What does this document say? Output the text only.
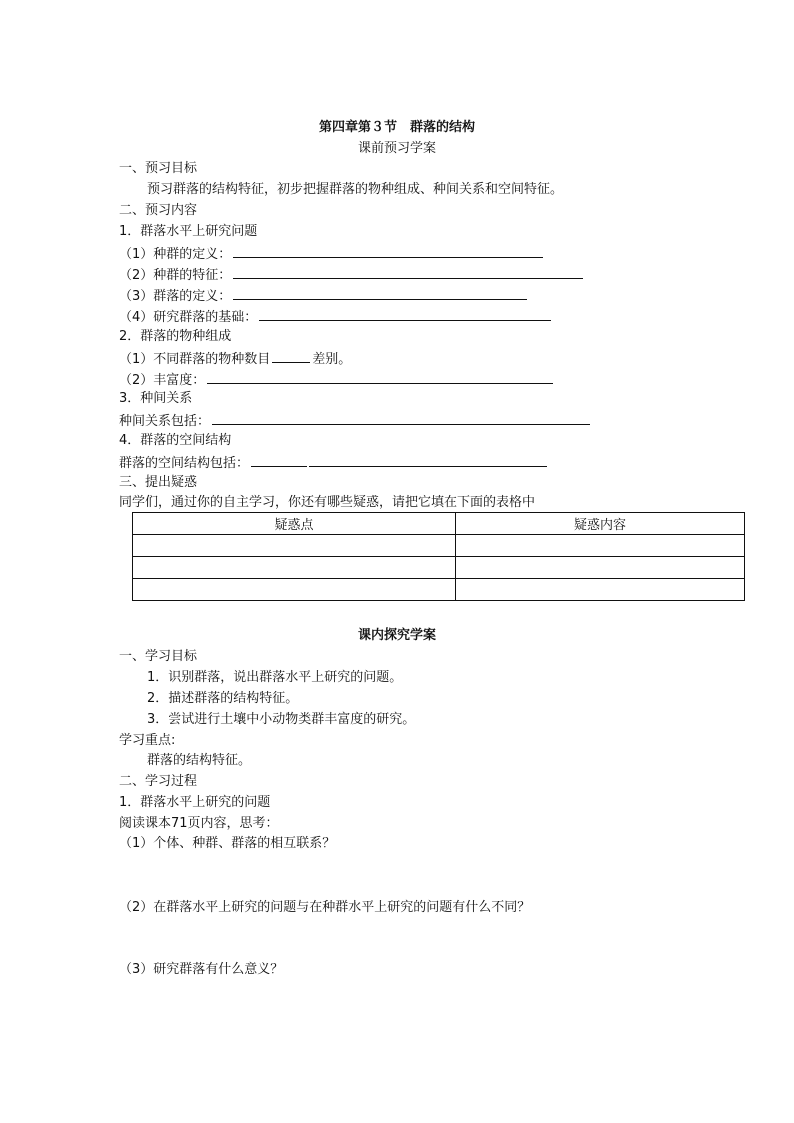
第四章第３节　群落的结构
课前预习学案
一、预习目标
预习群落的结构特征，初步把握群落的物种组成、种间关系和空间特征。
二、预习内容
1．群落水平上研究问题
（1）种群的定义：
（2）种群的特征：
（3）群落的定义：
（4）研究群落的基础：
2．群落的物种组成
（1）不同群落的物种数目	差别。
（2）丰富度：
3．种间关系
种间关系包括：
4．群落的空间结构
群落的空间结构包括：
三、提出疑惑
同学们，通过你的自主学习，你还有哪些疑惑，请把它填在下面的表格中
疑惑点	疑惑内容

课内探究学案
一、学习目标
1．识别群落，说出群落水平上研究的问题。
2．描述群落的结构特征。
3．尝试进行土壤中小动物类群丰富度的研究。
学习重点:
群落的结构特征。
二、学习过程
1．群落水平上研究的问题
阅读课本71页内容，思考：
（1）个体、种群、群落的相互联系？
（2）在群落水平上研究的问题与在种群水平上研究的问题有什么不同？
（3）研究群落有什么意义？
